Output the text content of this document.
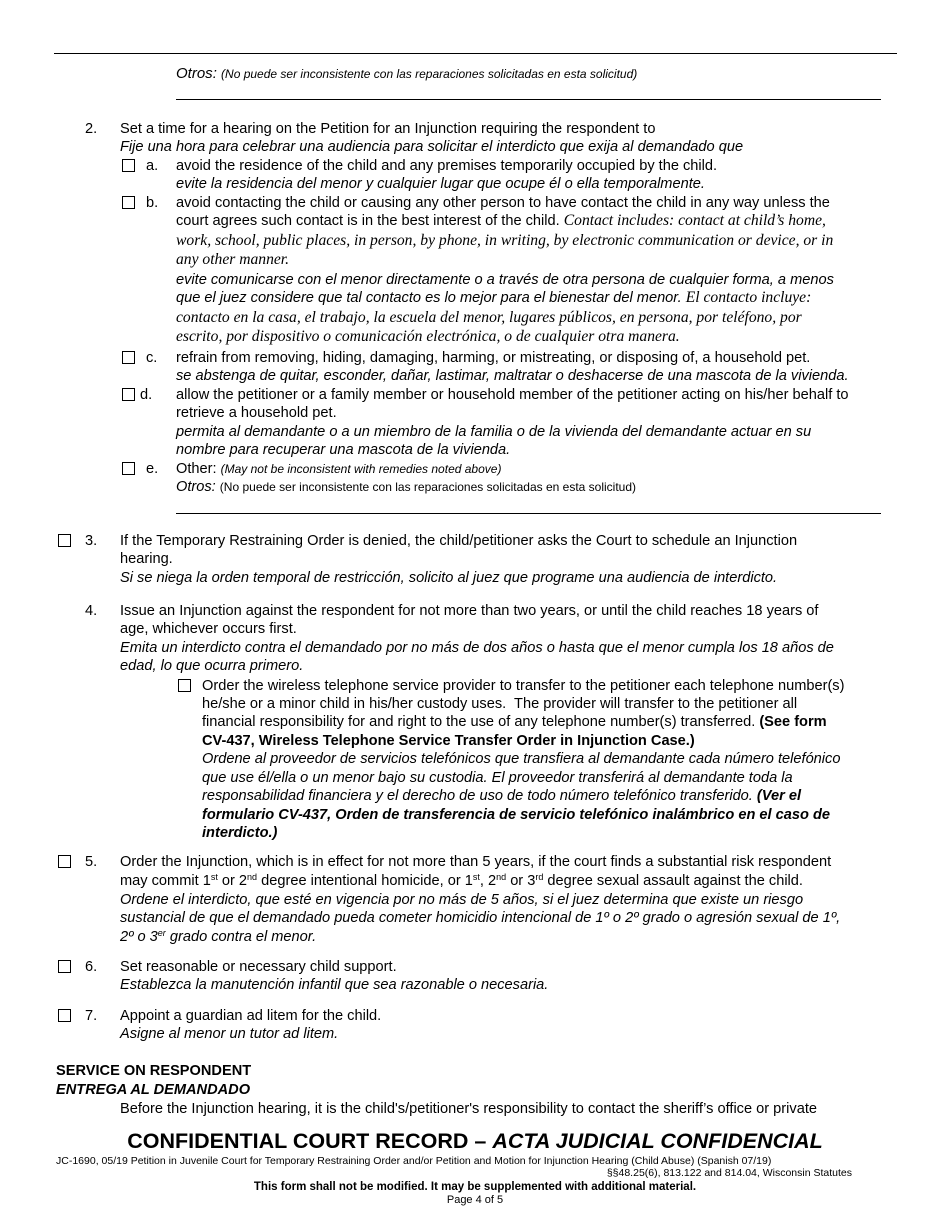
Otros: (No puede ser inconsistente con las reparaciones solicitadas en esta solicitud)
2. Set a time for a hearing on the Petition for an Injunction requiring the respondent to
Fije una hora para celebrar una audiencia para solicitar el interdicto que exija al demandado que
a. avoid the residence of the child and any premises temporarily occupied by the child.
evite la residencia del menor y cualquier lugar que ocupe él o ella temporalmente.
b. avoid contacting the child or causing any other person to have contact the child in any way unless the
court agrees such contact is in the best interest of the child. Contact includes: contact at child’s home,
work, school, public places, in person, by phone, in writing, by electronic communication or device, or in
any other manner.
evite comunicarse con el menor directamente o a través de otra persona de cualquier forma, a menos
que el juez considere que tal contacto es lo mejor para el bienestar del menor. El contacto incluye:
contacto en la casa, el trabajo, la escuela del menor, lugares públicos, en persona, por teléfono, por
escrito, por dispositivo o comunicación electrónica, o de cualquier otra manera.
c. refrain from removing, hiding, damaging, harming, or mistreating, or disposing of, a household pet.
se abstenga de quitar, esconder, dañar, lastimar, maltratar o deshacerse de una mascota de la vivienda.
d. allow the petitioner or a family member or household member of the petitioner acting on his/her behalf to
retrieve a household pet.
permita al demandante o a un miembro de la familia o de la vivienda del demandante actuar en su
nombre para recuperar una mascota de la vivienda.
e. Other: (May not be inconsistent with remedies noted above)
Otros: (No puede ser inconsistente con las reparaciones solicitadas en esta solicitud)
3. If the Temporary Restraining Order is denied, the child/petitioner asks the Court to schedule an Injunction
hearing.
Si se niega la orden temporal de restricción, solicito al juez que programe una audiencia de interdicto.
4. Issue an Injunction against the respondent for not more than two years, or until the child reaches 18 years of
age, whichever occurs first.
Emita un interdicto contra el demandado por no más de dos años o hasta que el menor cumpla los 18 años de
edad, lo que ocurra primero.
Order the wireless telephone service provider to transfer to the petitioner each telephone number(s)
he/she or a minor child in his/her custody uses.  The provider will transfer to the petitioner all
financial responsibility for and right to the use of any telephone number(s) transferred. (See form
CV-437, Wireless Telephone Service Transfer Order in Injunction Case.)
Ordene al proveedor de servicios telefónicos que transfiera al demandante cada número telefónico
que use él/ella o un menor bajo su custodia. El proveedor transferirá al demandante toda la
responsabilidad financiera y el derecho de uso de todo número telefónico transferido. (Ver el
formulario CV-437, Orden de transferencia de servicio telefónico inalámbrico en el caso de
interdicto.)
5. Order the Injunction, which is in effect for not more than 5 years, if the court finds a substantial risk respondent
may commit 1st or 2nd degree intentional homicide, or 1st, 2nd or 3rd degree sexual assault against the child.
Ordene el interdicto, que esté en vigencia por no más de 5 años, si el juez determina que existe un riesgo
sustancial de que el demandado pueda cometer homicidio intencional de 1º o 2º grado o agresión sexual de 1º,
2º o 3er grado contra el menor.
6. Set reasonable or necessary child support.
Establezca la manutención infantil que sea razonable o necesaria.
7. Appoint a guardian ad litem for the child.
Asigne al menor un tutor ad litem.
SERVICE ON RESPONDENT
ENTREGA AL DEMANDADO
Before the Injunction hearing, it is the child's/petitioner's responsibility to contact the sheriff’s office or private
CONFIDENTIAL COURT RECORD – ACTA JUDICIAL CONFIDENCIAL
JC-1690, 05/19 Petition in Juvenile Court for Temporary Restraining Order and/or Petition and Motion for Injunction Hearing (Child Abuse) (Spanish 07/19)
§§48.25(6), 813.122 and 814.04, Wisconsin Statutes
This form shall not be modified. It may be supplemented with additional material.
Page 4 of 5
